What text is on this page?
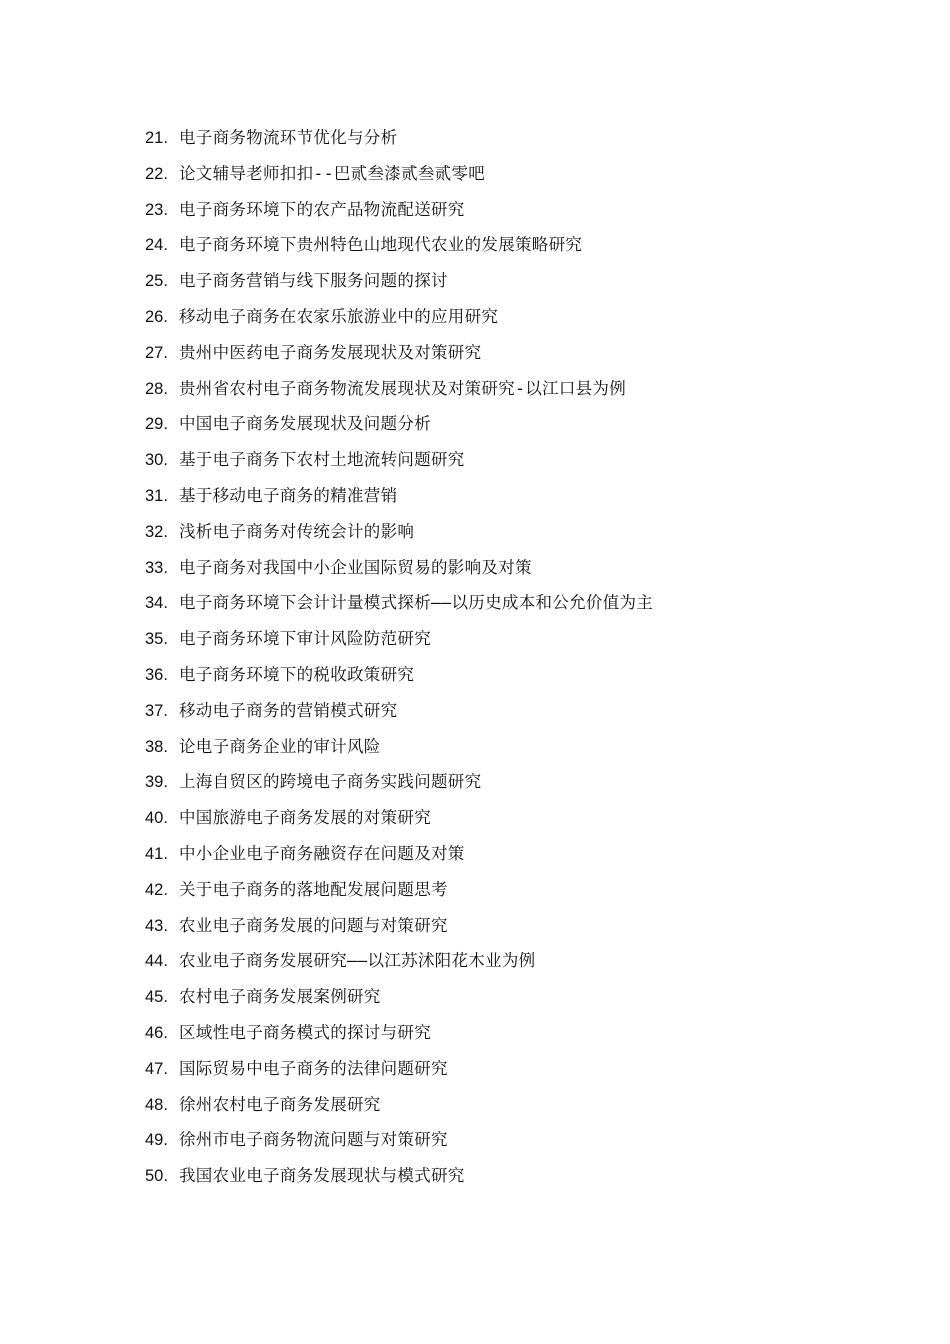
21. 电子商务物流环节优化与分析
22. 论文辅导老师扣扣--巴贰叁漆贰叁贰零吧
23. 电子商务环境下的农产品物流配送研究
24. 电子商务环境下贵州特色山地现代农业的发展策略研究
25. 电子商务营销与线下服务问题的探讨
26. 移动电子商务在农家乐旅游业中的应用研究
27. 贵州中医药电子商务发展现状及对策研究
28. 贵州省农村电子商务物流发展现状及对策研究-以江口县为例
29. 中国电子商务发展现状及问题分析
30. 基于电子商务下农村土地流转问题研究
31. 基于移动电子商务的精准营销
32. 浅析电子商务对传统会计的影响
33. 电子商务对我国中小企业国际贸易的影响及对策
34. 电子商务环境下会计计量模式探析——以历史成本和公允价值为主
35. 电子商务环境下审计风险防范研究
36. 电子商务环境下的税收政策研究
37. 移动电子商务的营销模式研究
38. 论电子商务企业的审计风险
39. 上海自贸区的跨境电子商务实践问题研究
40. 中国旅游电子商务发展的对策研究
41. 中小企业电子商务融资存在问题及对策
42. 关于电子商务的落地配发展问题思考
43. 农业电子商务发展的问题与对策研究
44. 农业电子商务发展研究——以江苏沭阳花木业为例
45. 农村电子商务发展案例研究
46. 区域性电子商务模式的探讨与研究
47. 国际贸易中电子商务的法律问题研究
48. 徐州农村电子商务发展研究
49. 徐州市电子商务物流问题与对策研究
50. 我国农业电子商务发展现状与模式研究
